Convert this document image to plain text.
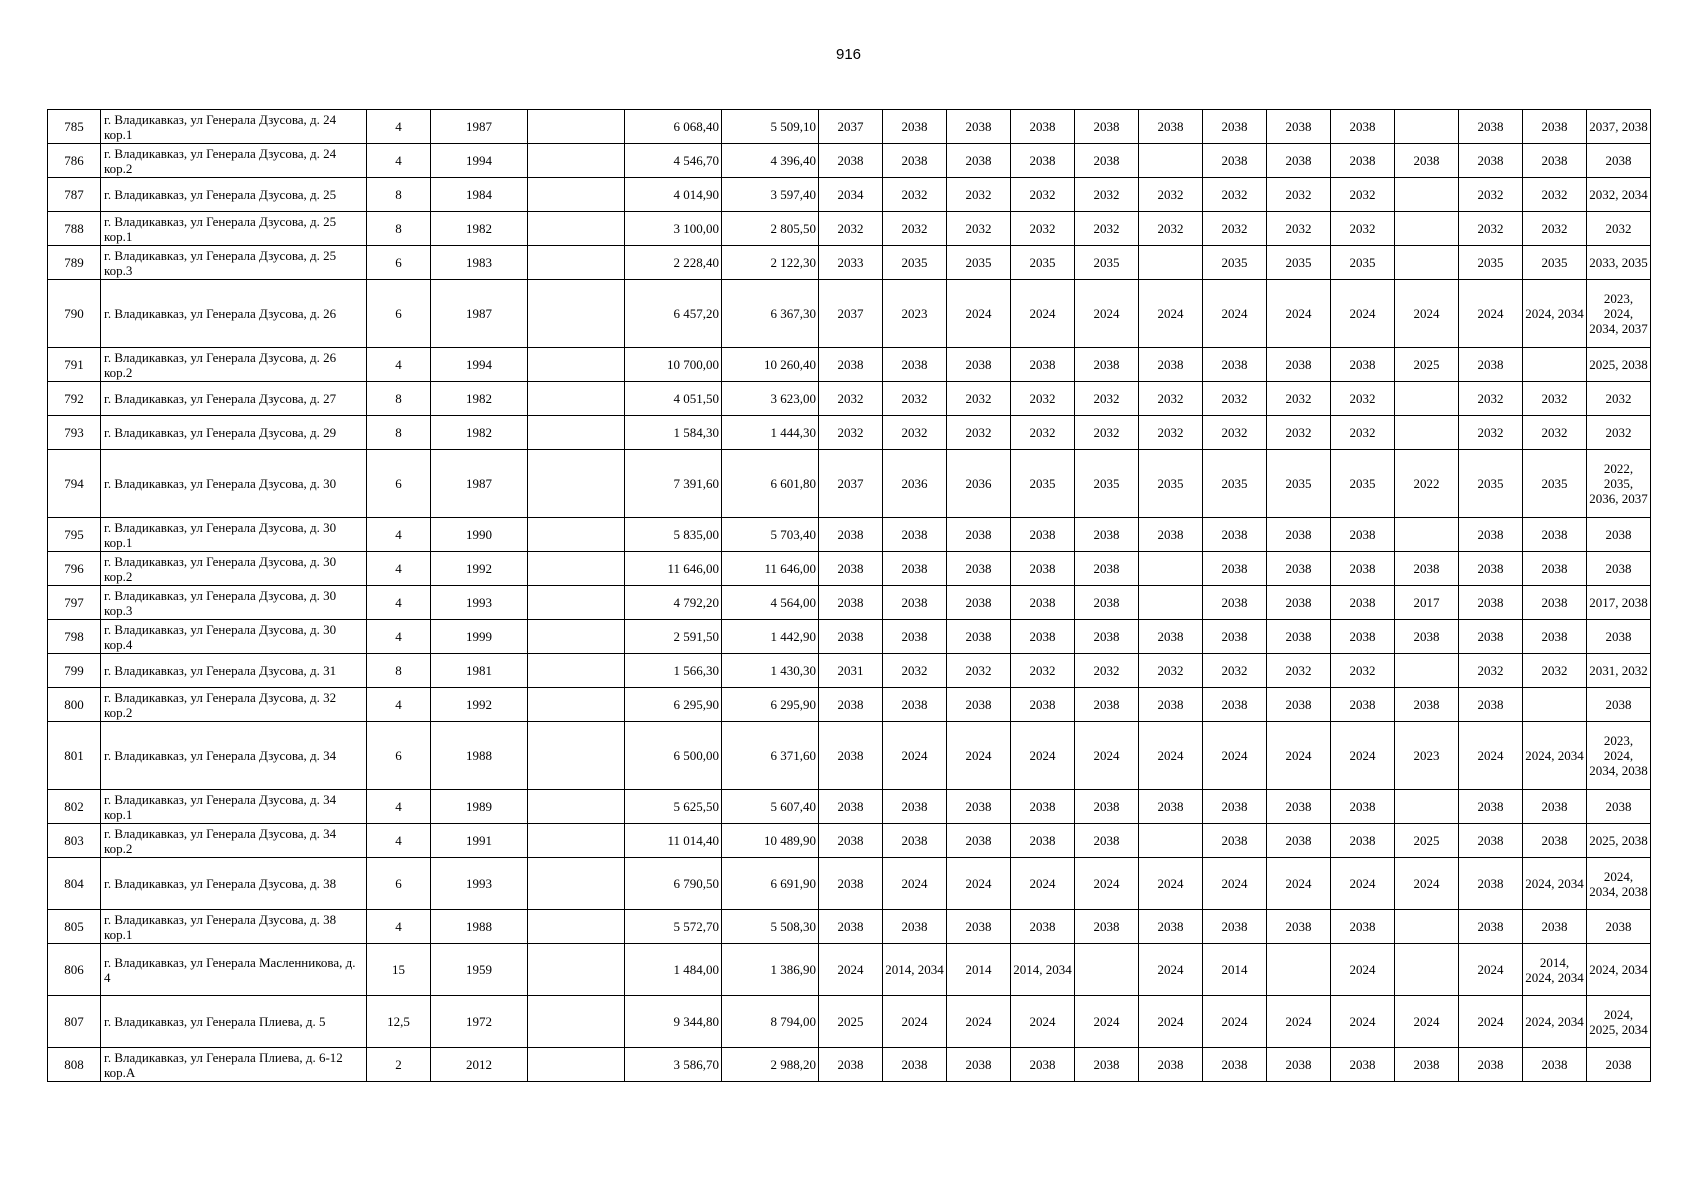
916
785	г. Владикавказ, ул Генерала Дзусова, д. 24 кор.1	4	1987		6 068,40	5 509,10	2037	2038	2038	2038	2038	2038	2038	2038	2038		2038	2038	2037, 2038
786	г. Владикавказ, ул Генерала Дзусова, д. 24 кор.2	4	1994		4 546,70	4 396,40	2038	2038	2038	2038	2038		2038	2038	2038	2038	2038	2038	2038
787	г. Владикавказ, ул Генерала Дзусова, д. 25	8	1984		4 014,90	3 597,40	2034	2032	2032	2032	2032	2032	2032	2032	2032		2032	2032	2032, 2034
788	г. Владикавказ, ул Генерала Дзусова, д. 25 кор.1	8	1982		3 100,00	2 805,50	2032	2032	2032	2032	2032	2032	2032	2032	2032		2032	2032	2032
789	г. Владикавказ, ул Генерала Дзусова, д. 25 кор.3	6	1983		2 228,40	2 122,30	2033	2035	2035	2035	2035		2035	2035	2035		2035	2035	2033, 2035
790	г. Владикавказ, ул Генерала Дзусова, д. 26	6	1987		6 457,20	6 367,30	2037	2023	2024	2024	2024	2024	2024	2024	2024	2024	2024	2024, 2034	2023, 2024, 2034, 2037
791	г. Владикавказ, ул Генерала Дзусова, д. 26 кор.2	4	1994		10 700,00	10 260,40	2038	2038	2038	2038	2038	2038	2038	2038	2038	2025	2038		2025, 2038
792	г. Владикавказ, ул Генерала Дзусова, д. 27	8	1982		4 051,50	3 623,00	2032	2032	2032	2032	2032	2032	2032	2032	2032		2032	2032	2032
793	г. Владикавказ, ул Генерала Дзусова, д. 29	8	1982		1 584,30	1 444,30	2032	2032	2032	2032	2032	2032	2032	2032	2032		2032	2032	2032
794	г. Владикавказ, ул Генерала Дзусова, д. 30	6	1987		7 391,60	6 601,80	2037	2036	2036	2035	2035	2035	2035	2035	2035	2022	2035	2035	2022, 2035, 2036, 2037
795	г. Владикавказ, ул Генерала Дзусова, д. 30 кор.1	4	1990		5 835,00	5 703,40	2038	2038	2038	2038	2038	2038	2038	2038	2038		2038	2038	2038
796	г. Владикавказ, ул Генерала Дзусова, д. 30 кор.2	4	1992		11 646,00	11 646,00	2038	2038	2038	2038	2038		2038	2038	2038	2038	2038	2038	2038
797	г. Владикавказ, ул Генерала Дзусова, д. 30 кор.3	4	1993		4 792,20	4 564,00	2038	2038	2038	2038	2038		2038	2038	2038	2017	2038	2038	2017, 2038
798	г. Владикавказ, ул Генерала Дзусова, д. 30 кор.4	4	1999		2 591,50	1 442,90	2038	2038	2038	2038	2038	2038	2038	2038	2038	2038	2038	2038	2038
799	г. Владикавказ, ул Генерала Дзусова, д. 31	8	1981		1 566,30	1 430,30	2031	2032	2032	2032	2032	2032	2032	2032	2032		2032	2032	2031, 2032
800	г. Владикавказ, ул Генерала Дзусова, д. 32 кор.2	4	1992		6 295,90	6 295,90	2038	2038	2038	2038	2038	2038	2038	2038	2038	2038	2038		2038
801	г. Владикавказ, ул Генерала Дзусова, д. 34	6	1988		6 500,00	6 371,60	2038	2024	2024	2024	2024	2024	2024	2024	2024	2023	2024	2024, 2034	2023, 2024, 2034, 2038
802	г. Владикавказ, ул Генерала Дзусова, д. 34 кор.1	4	1989		5 625,50	5 607,40	2038	2038	2038	2038	2038	2038	2038	2038	2038		2038	2038	2038
803	г. Владикавказ, ул Генерала Дзусова, д. 34 кор.2	4	1991		11 014,40	10 489,90	2038	2038	2038	2038	2038		2038	2038	2038	2025	2038	2038	2025, 2038
804	г. Владикавказ, ул Генерала Дзусова, д. 38	6	1993		6 790,50	6 691,90	2038	2024	2024	2024	2024	2024	2024	2024	2024	2024	2038	2024, 2034	2024, 2034, 2038
805	г. Владикавказ, ул Генерала Дзусова, д. 38 кор.1	4	1988		5 572,70	5 508,30	2038	2038	2038	2038	2038	2038	2038	2038	2038		2038	2038	2038
806	г. Владикавказ, ул Генерала Масленникова, д. 4	15	1959		1 484,00	1 386,90	2024	2014, 2034	2014	2014, 2034		2024	2014		2024		2024	2014, 2024, 2034	2024, 2034
807	г. Владикавказ, ул Генерала Плиева, д. 5	12,5	1972		9 344,80	8 794,00	2025	2024	2024	2024	2024	2024	2024	2024	2024	2024	2024	2024, 2034	2024, 2025, 2034
808	г. Владикавказ, ул Генерала Плиева, д. 6-12 кор.А	2	2012		3 586,70	2 988,20	2038	2038	2038	2038	2038	2038	2038	2038	2038	2038	2038	2038	2038
